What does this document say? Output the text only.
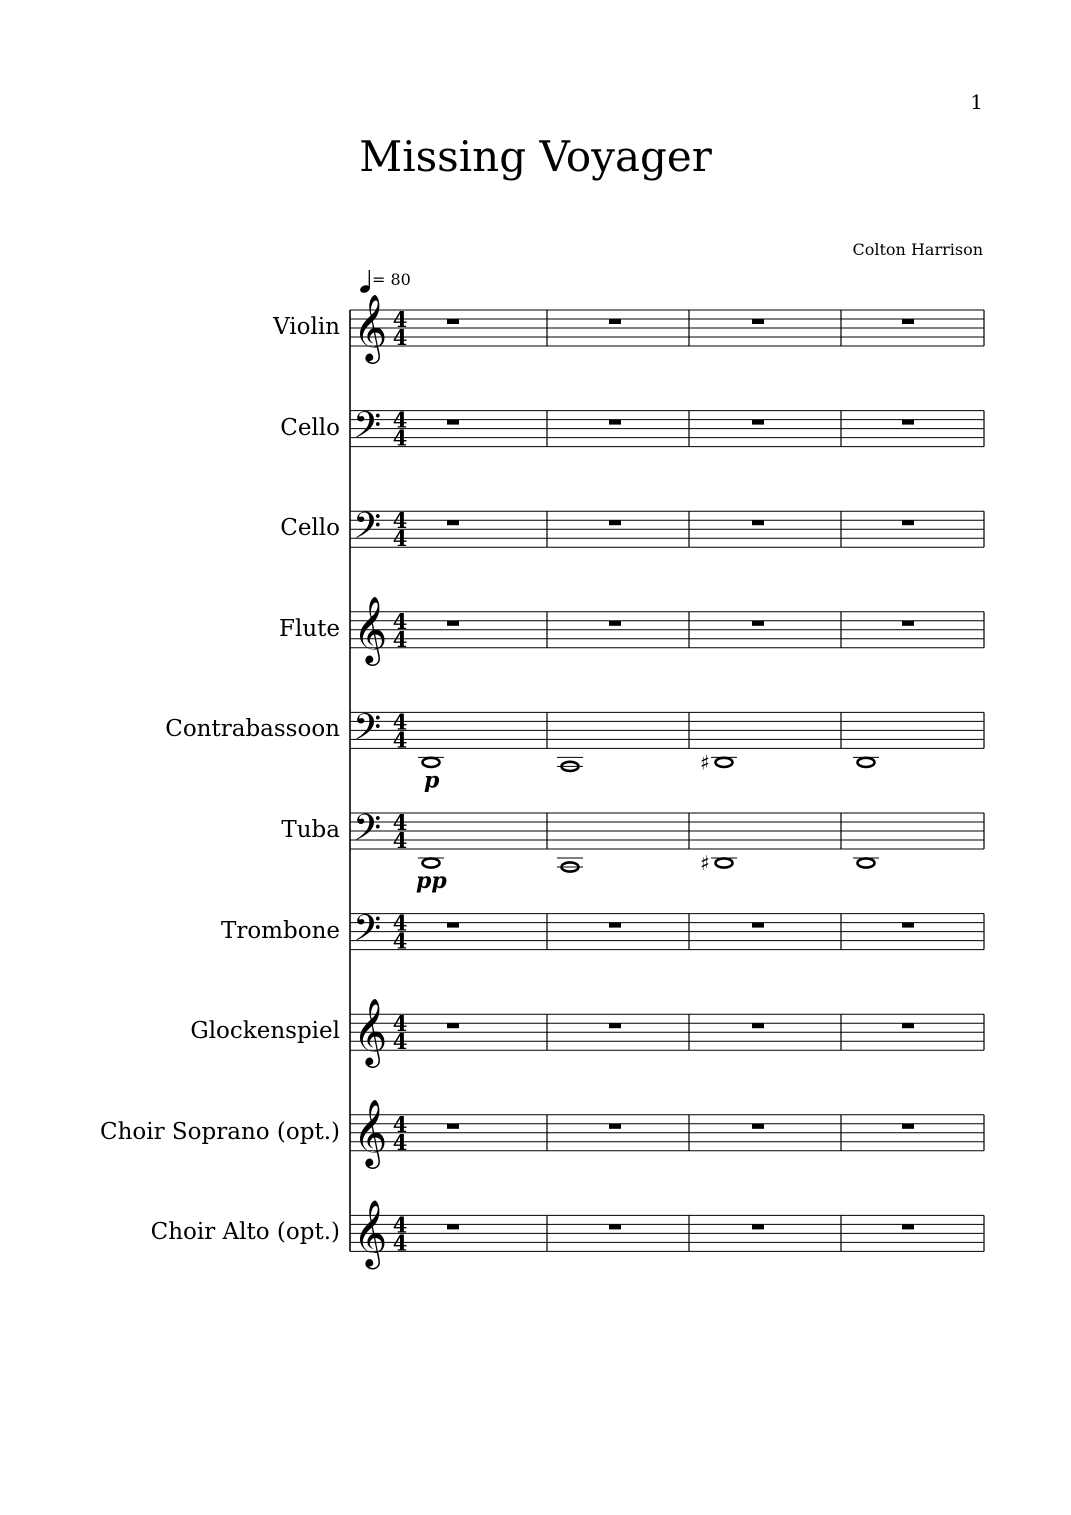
1
Missing Voyager
Colton Harrison
= 80
𝄞 4
4
𝄢 4
4
𝄢 4
4
𝄞 4
4
𝄢 4
4
♯
p
𝄢 4
4
♯
pp
𝄢 4
4
𝄞 4
4
𝄞 4
4
𝄞 4
4
Violin
Cello
Cello
Flute
Contrabassoon
Tuba
Trombone
Glockenspiel
Choir Soprano (opt.)
Choir Alto (opt.)
